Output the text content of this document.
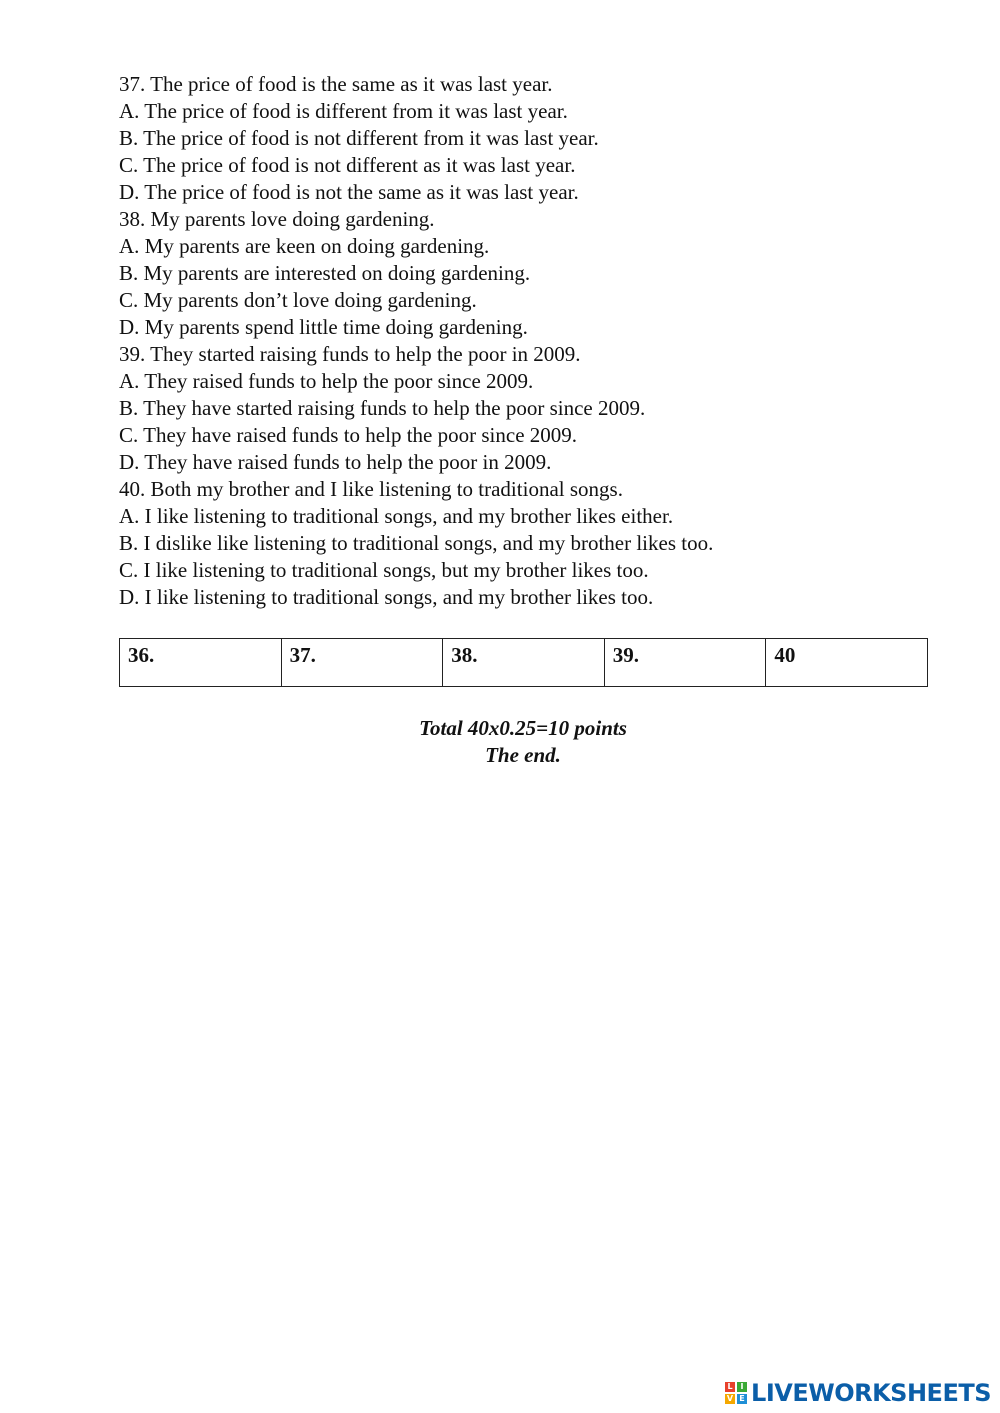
37. The price of food is the same as it was last year.
A. The price of food is different from it was last year.
B. The price of food is not different from it was last year.
C. The price of food is not different as it was last year.
D. The price of food is not the same as it was last year.
38. My parents love doing gardening.
A. My parents are keen on doing gardening.
B. My parents are interested on doing gardening.
C. My parents don’t love doing gardening.
D. My parents spend little time doing gardening.
39. They started raising funds to help the poor in 2009.
A. They raised funds to help the poor since 2009.
B. They have started raising funds to help the poor since 2009.
C. They have raised funds to help the poor since 2009.
D. They have raised funds to help the poor in 2009.
40. Both my brother and I like listening to traditional songs.
A. I like listening to traditional songs, and my brother likes either.
B. I dislike like listening to traditional songs, and my brother likes too.
C. I like listening to traditional songs, but my brother likes too.
D. I like listening to traditional songs, and my brother likes too.
36.	37.	38.	39.	40
Total 40x0.25=10 points
The end.
L I
V E LIVEWORKSHEETS
